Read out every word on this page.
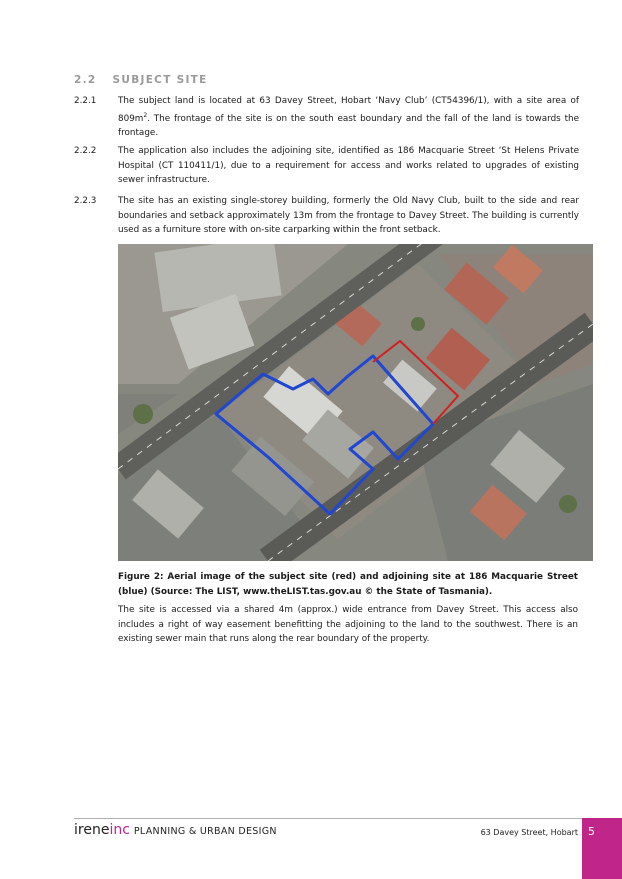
2.2 SUBJECT SITE
2.2.1	The subject land is located at 63 Davey Street, Hobart ‘Navy Club’ (CT54396/1), with a site area of $809m^2$. The frontage of the site is on the south east boundary and the fall of the land is towards the frontage.
2.2.2	The application also includes the adjoining site, identified as 186 Macquarie Street ‘St Helens Private Hospital (CT 110411/1), due to a requirement for access and works related to upgrades of existing sewer infrastructure.
2.2.3	The site has an existing single-storey building, formerly the Old Navy Club, built to the side and rear boundaries and setback approximately 13m from the frontage to Davey Street. The building is currently used as a furniture store with on-site carparking within the front setback.
Figure 2: Aerial image of the subject site (red) and adjoining site at 186 Macquarie Street (blue) (Source: The LIST, www.theLIST.tas.gov.au © the State of Tasmania).
The site is accessed via a shared 4m (approx.) wide entrance from Davey Street. This access also includes a right of way easement benefitting the adjoining to the land to the southwest. There is an existing sewer main that runs along the rear boundary of the property.
ireneinc PLANNING & URBAN DESIGN	63 Davey Street, Hobart 5
